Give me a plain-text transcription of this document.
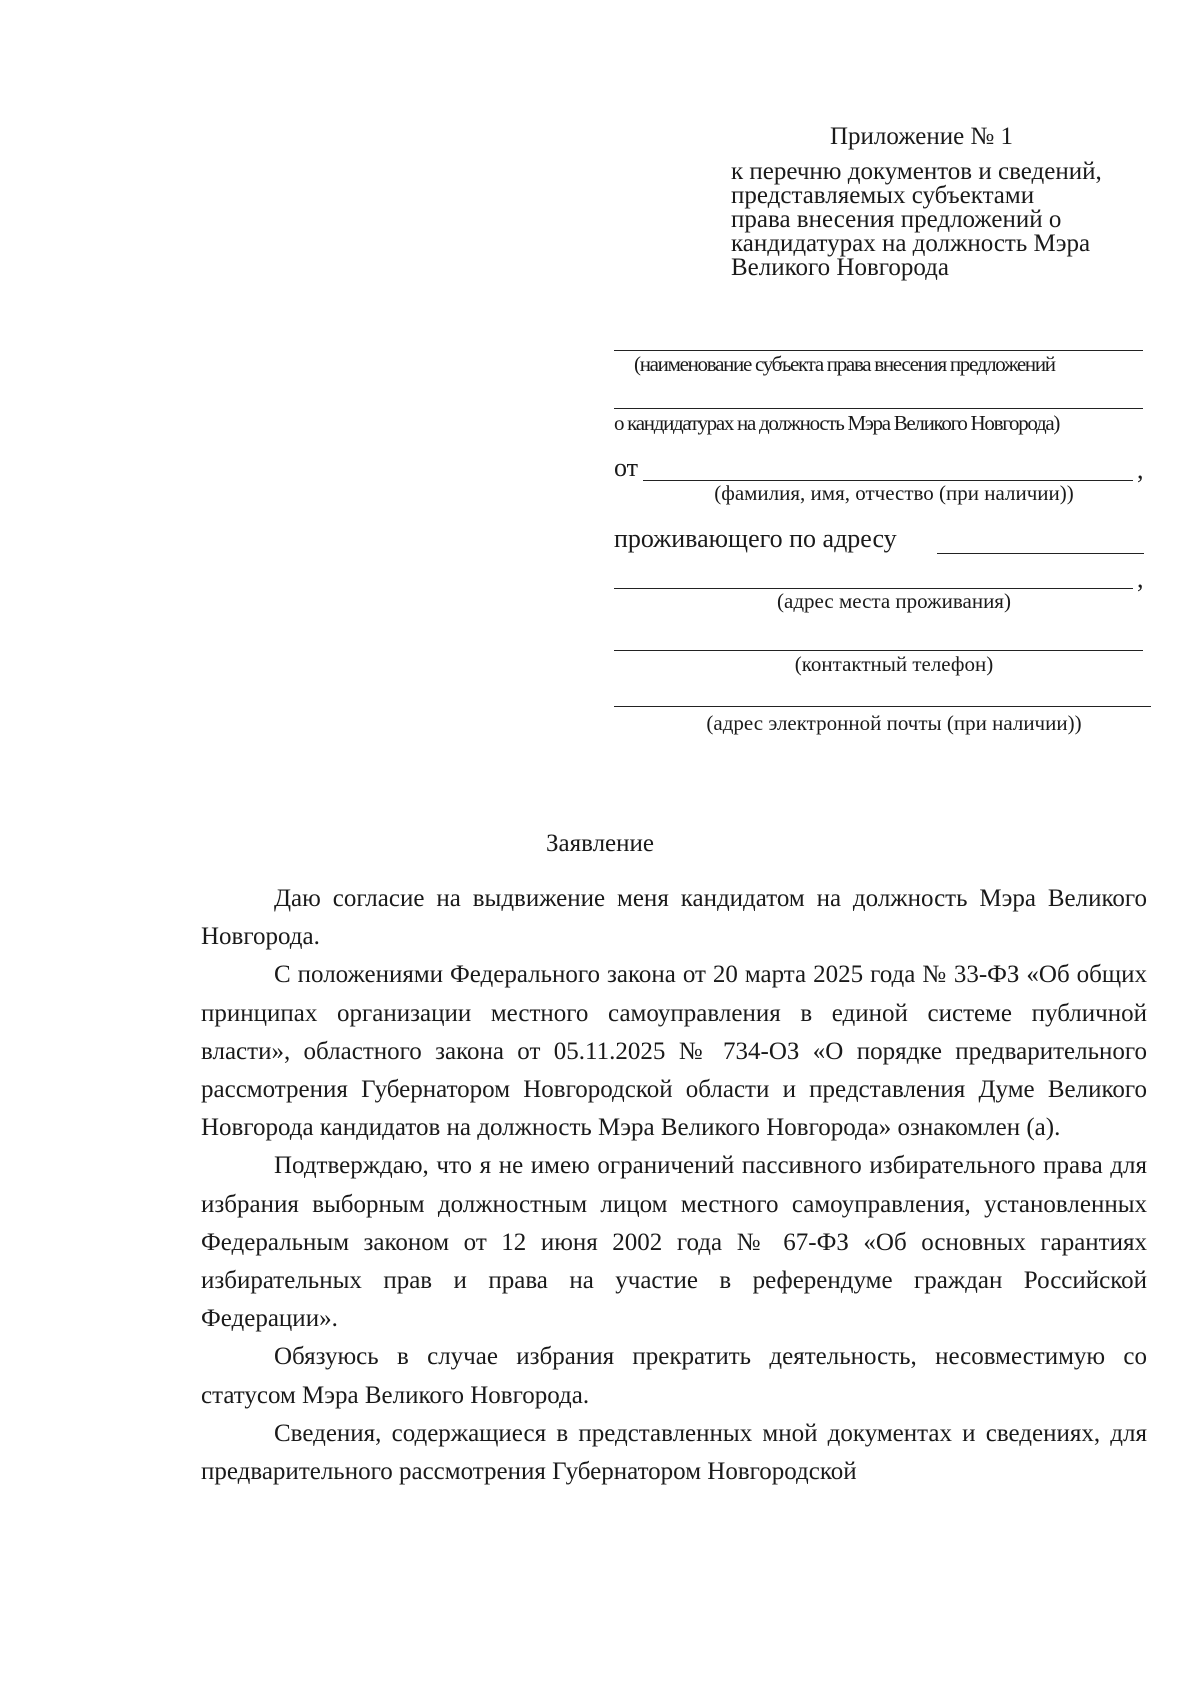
Приложение № 1
к перечню документов и сведений,
представляемых субъектами
права внесения предложений о
кандидатурах на должность Мэра
Великого Новгорода
(наименование субъекта права внесения предложений
о кандидатурах на должность Мэра Великого Новгорода)
от	,
(фамилия, имя, отчество (при наличии))
проживающего по адресу
,
(адрес места проживания)
(контактный телефон)
(адрес электронной почты (при наличии))
Заявление

Даю согласие на выдвижение меня кандидатом на должность Мэра Великого Новгорода.

С положениями Федерального закона от 20 марта 2025 года № 33-ФЗ «Об общих принципах организации местного самоуправления в единой системе публичной власти», областного закона от 05.11.2025 № 734-ОЗ «О порядке предварительного рассмотрения Губернатором Новгородской области и представления Думе Великого Новгорода кандидатов на должность Мэра Великого Новгорода» ознакомлен (а).

Подтверждаю, что я не имею ограничений пассивного избирательного права для избрания выборным должностным лицом местного самоуправления, установленных Федеральным законом от 12 июня 2002 года № 67-ФЗ «Об основных гарантиях избирательных прав и права на участие в референдуме граждан Российской Федерации».

Обязуюсь в случае избрания прекратить деятельность, несовместимую со статусом Мэра Великого Новгорода.

Сведения, содержащиеся в представленных мной документах и сведениях, для предварительного рассмотрения Губернатором Новгородской
